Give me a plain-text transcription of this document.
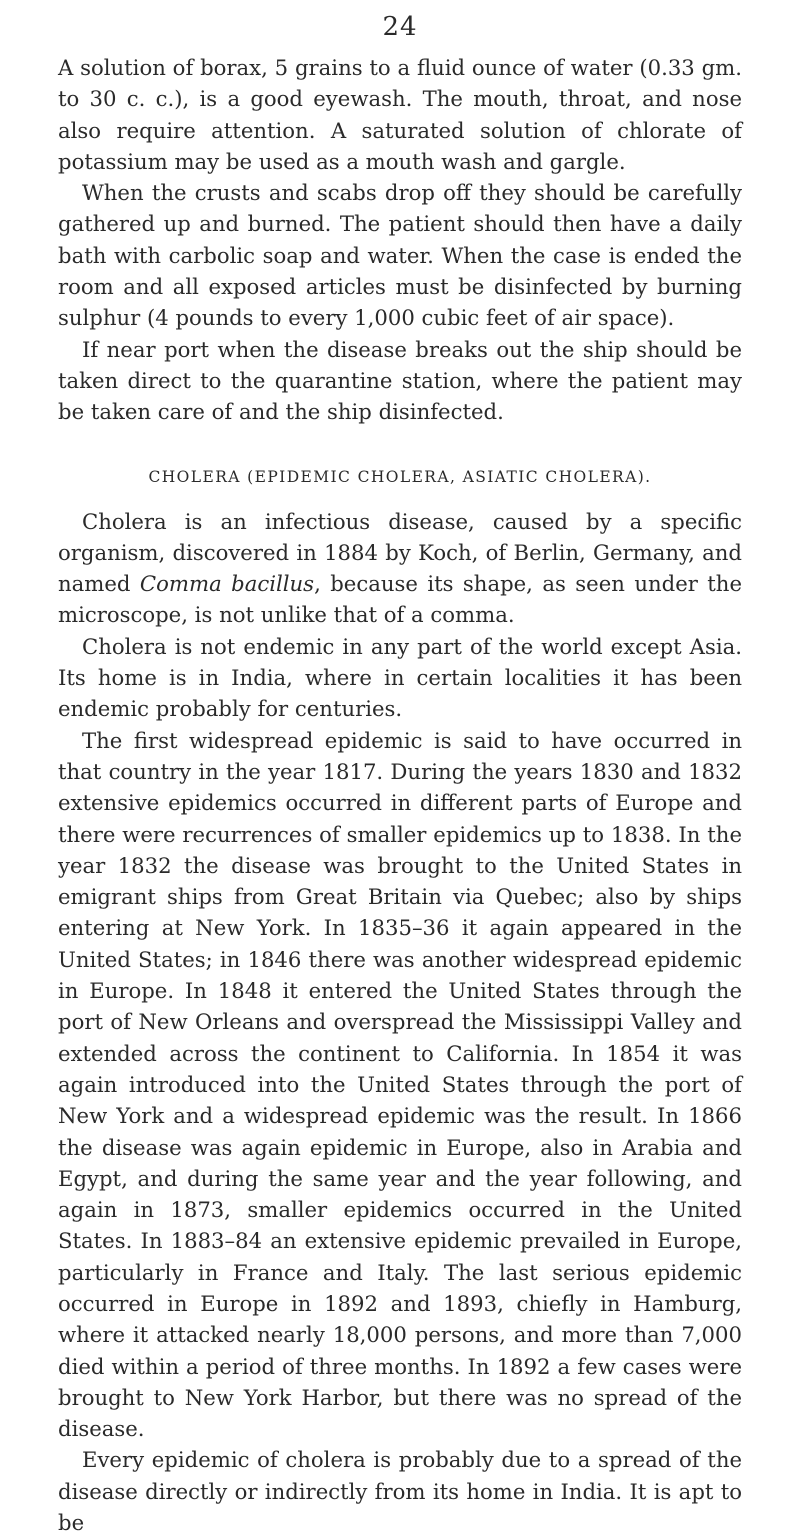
24

A solution of borax, 5 grains to a fluid ounce of water (0.33 gm. to 30 c. c.), is a good eyewash. The mouth, throat, and nose also require attention. A saturated solution of chlorate of potassium may be used as a mouth wash and gargle.

When the crusts and scabs drop off they should be carefully gathered up and burned. The patient should then have a daily bath with carbolic soap and water. When the case is ended the room and all exposed articles must be disinfected by burning sulphur (4 pounds to every 1,000 cubic feet of air space).

If near port when the disease breaks out the ship should be taken direct to the quarantine station, where the patient may be taken care of and the ship disinfected.

CHOLERA (EPIDEMIC CHOLERA, ASIATIC CHOLERA).

Cholera is an infectious disease, caused by a specific organism, discovered in 1884 by Koch, of Berlin, Germany, and named Comma bacillus, because its shape, as seen under the microscope, is not unlike that of a comma.

Cholera is not endemic in any part of the world except Asia. Its home is in India, where in certain localities it has been endemic probably for centuries.

The first widespread epidemic is said to have occurred in that country in the year 1817. During the years 1830 and 1832 extensive epidemics occurred in different parts of Europe and there were recurrences of smaller epidemics up to 1838. In the year 1832 the disease was brought to the United States in emigrant ships from Great Britain via Quebec; also by ships entering at New York. In 1835–36 it again appeared in the United States; in 1846 there was another widespread epidemic in Europe. In 1848 it entered the United States through the port of New Orleans and overspread the Mississippi Valley and extended across the continent to California. In 1854 it was again introduced into the United States through the port of New York and a widespread epidemic was the result. In 1866 the disease was again epidemic in Europe, also in Arabia and Egypt, and during the same year and the year following, and again in 1873, smaller epidemics occurred in the United States. In 1883–84 an extensive epidemic prevailed in Europe, particularly in France and Italy. The last serious epidemic occurred in Europe in 1892 and 1893, chiefly in Hamburg, where it attacked nearly 18,000 persons, and more than 7,000 died within a period of three months. In 1892 a few cases were brought to New York Harbor, but there was no spread of the disease.

Every epidemic of cholera is probably due to a spread of the disease directly or indirectly from its home in India. It is apt to be
